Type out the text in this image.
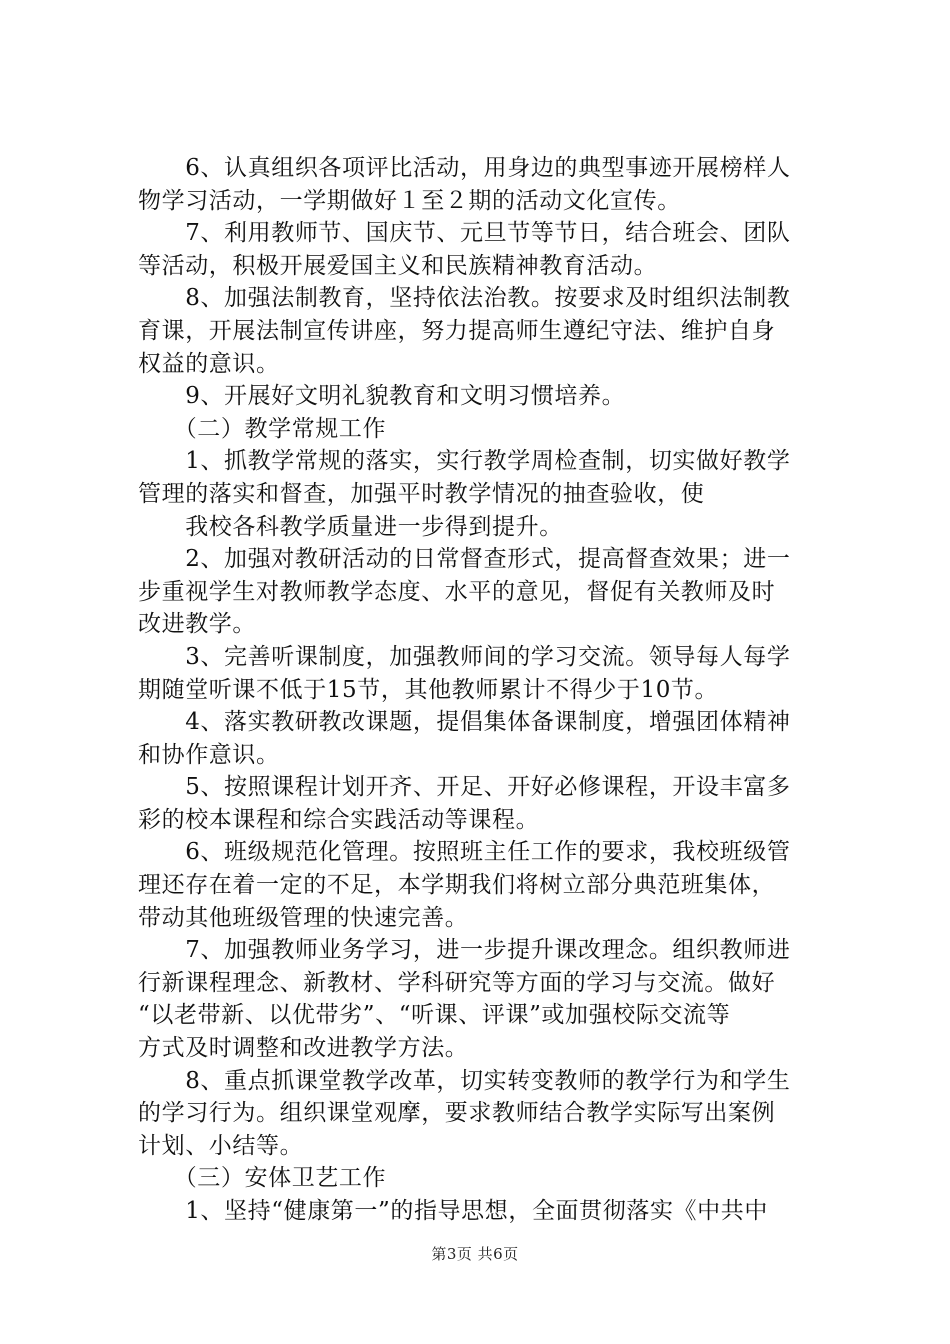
　　6、认真组织各项评比活动，用身边的典型事迹开展榜样人
物学习活动，一学期做好１至２期的活动文化宣传。
　　7、利用教师节、国庆节、元旦节等节日，结合班会、团队
等活动，积极开展爱国主义和民族精神教育活动。
　　8、加强法制教育，坚持依法治教。按要求及时组织法制教
育课，开展法制宣传讲座，努力提高师生遵纪守法、维护自身
权益的意识。
　　9、开展好文明礼貌教育和文明习惯培养。
　　（二）教学常规工作
　　1、抓教学常规的落实，实行教学周检查制，切实做好教学
管理的落实和督查，加强平时教学情况的抽查验收，使
　　我校各科教学质量进一步得到提升。
　　2、加强对教研活动的日常督查形式，提高督查效果；进一
步重视学生对教师教学态度、水平的意见，督促有关教师及时
改进教学。
　　3、完善听课制度，加强教师间的学习交流。领导每人每学
期随堂听课不低于15节，其他教师累计不得少于10节。
　　4、落实教研教改课题，提倡集体备课制度，增强团体精神
和协作意识。
　　5、按照课程计划开齐、开足、开好必修课程，开设丰富多
彩的校本课程和综合实践活动等课程。
　　6、班级规范化管理。按照班主任工作的要求，我校班级管
理还存在着一定的不足，本学期我们将树立部分典范班集体，
带动其他班级管理的快速完善。
　　7、加强教师业务学习，进一步提升课改理念。组织教师进
行新课程理念、新教材、学科研究等方面的学习与交流。做好
“以老带新、以优带劣”、“听课、评课”或加强校际交流等
方式及时调整和改进教学方法。
　　8、重点抓课堂教学改革，切实转变教师的教学行为和学生
的学习行为。组织课堂观摩，要求教师结合教学实际写出案例
计划、小结等。
　　（三）安体卫艺工作
　　1、坚持“健康第一”的指导思想，全面贯彻落实《中共中
第3页 共6页
